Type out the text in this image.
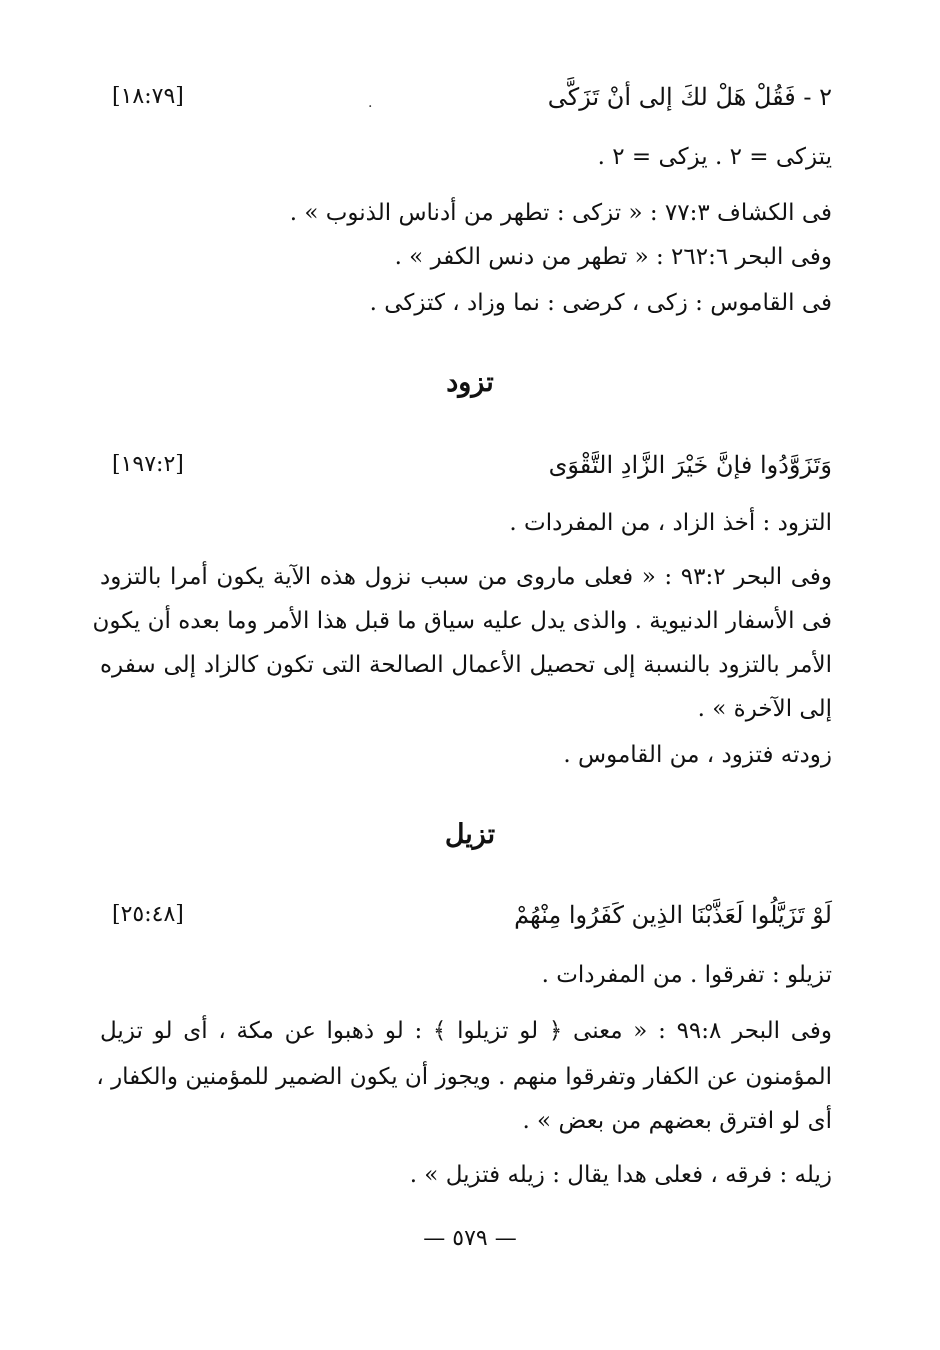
٢ - فَقُلْ هَلْ لكَ إلى أنْ تَزَكَّى
[١٨:٧٩]	.
يتزكى = ٢ . يزكى = ٢ .
فى الكشاف ٧٧:٣ : « تزكى : تطهر من أدناس الذنوب » .
وفى البحر ٢٦٢:٦ : « تطهر من دنس الكفر » .
فى القاموس : زكى ، كرضى : نما وزاد ، كتزكى .
تزود
وَتَزَوَّدُوا فإنَّ خَيْرَ الزَّادِ التَّقْوَى
[١٩٧:٢]
التزود : أخذ الزاد ، من المفردات .
وفى البحر ٩٣:٢ : « فعلى ماروى من سبب نزول هذه الآية يكون أمرا بالتزود
فى الأسفار الدنيوية . والذى يدل عليه سياق ما قبل هذا الأمر وما بعده أن يكون
الأمر بالتزود بالنسبة إلى تحصيل الأعمال الصالحة التى تكون كالزاد إلى سفره
إلى الآخرة » .
زودته فتزود ، من القاموس .
تزيل
لَوْ تَزَيَّلُوا لَعَذَّبْنَا الذِين كَفَرُوا مِنْهُمْ
[٢٥:٤٨]
تزيلو : تفرقوا . من المفردات .
وفى البحر ٩٩:٨ : « معنى ﴿ لو تزيلوا ﴾ : لو ذهبوا عن مكة ، أى لو تزيل
المؤمنون عن الكفار وتفرقوا منهم . ويجوز أن يكون الضمير للمؤمنين والكفار ،
أى لو افترق بعضهم من بعض » .
زيله : فرقه ، فعلى هدا يقال : زيله فتزيل » .
— ٥٧٩ —
